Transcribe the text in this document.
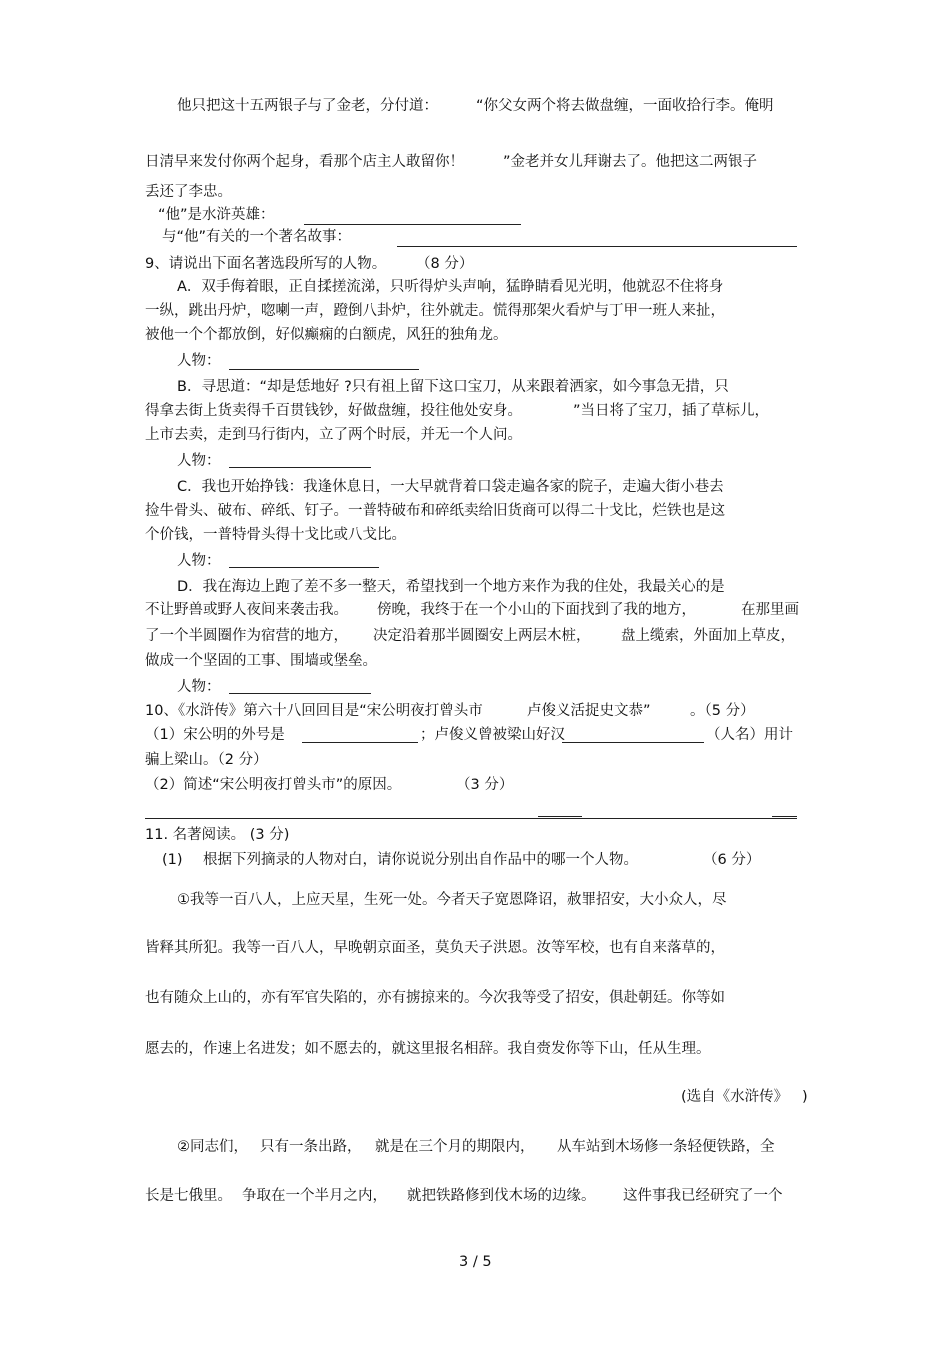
他只把这十五两银子与了金老，分付道：	“你父女两个将去做盘缠，一面收拾行李。俺明
日清早来发付你两个起身，看那个店主人敢留你！	”金老并女儿拜谢去了。他把这二两银子
丢还了李忠。
“他”是水浒英雄：
与“他”有关的一个著名故事：
9、请说出下面名著选段所写的人物。 （8 分）
A．双手侮着眼，正自揉搓流涕，只听得炉头声响，猛睁睛看见光明，他就忍不住将身
一纵，跳出丹炉，唿喇一声，蹬倒八卦炉，往外就走。慌得那架火看炉与丁甲一班人来扯，
被他一个个都放倒，好似癫痫的白额虎，风狂的独角龙。
人物：
B．寻思道：“却是恁地好 ?只有祖上留下这口宝刀，从来跟着洒家，如今事急无措，只
得拿去街上货卖得千百贯钱钞，好做盘缠，投往他处安身。	”当日将了宝刀，插了草标儿，
上市去卖，走到马行街内，立了两个时辰，并无一个人问。
人物：
C．我也开始挣钱：我逢休息日，一大早就背着口袋走遍各家的院子，走遍大街小巷去
捡牛骨头、破布、碎纸、钉子。一普特破布和碎纸卖给旧货商可以得二十戈比，烂铁也是这
个价钱，一普特骨头得十戈比或八戈比。
人物：
D．我在海边上跑了差不多一整天，希望找到一个地方来作为我的住处，我最关心的是
不让野兽或野人夜间来袭击我。 傍晚，我终于在一个小山的下面找到了我的地方，	在那里画
了一个半圆圈作为宿营的地方， 决定沿着那半圆圈安上两层木桩， 盘上缆索，外面加上草皮，
做成一个坚固的工事、围墙或堡垒。
人物：
10、《水浒传》第六十八回回目是“宋公明夜打曾头市	卢俊义活捉史文恭”	。（5 分）
（1）宋公明的外号是	；卢俊义曾被梁山好汉	（人名）用计
骗上梁山。（2 分）
（2）简述“宋公明夜打曾头市”的原因。	（3 分）
11. 名著阅读。 (3 分)
(1) 根据下列摘录的人物对白，请你说说分别出自作品中的哪一个人物。	（6 分）
①我等一百八人，上应天星，生死一处。今者天子宽恩降诏，赦罪招安，大小众人，尽
皆释其所犯。我等一百八人，早晚朝京面圣，莫负天子洪恩。汝等军校，也有自来落草的，
也有随众上山的，亦有军官失陷的，亦有掳掠来的。今次我等受了招安，俱赴朝廷。你等如
愿去的，作速上名进发；如不愿去的，就这里报名相辞。我自赍发你等下山，任从生理。
(选自《水浒传》 )
②同志们， 只有一条出路， 就是在三个月的期限内， 从车站到木场修一条轻便铁路，全
长是七俄里。 争取在一个半月之内， 就把铁路修到伐木场的边缘。 这件事我已经研究了一个
3 / 5
